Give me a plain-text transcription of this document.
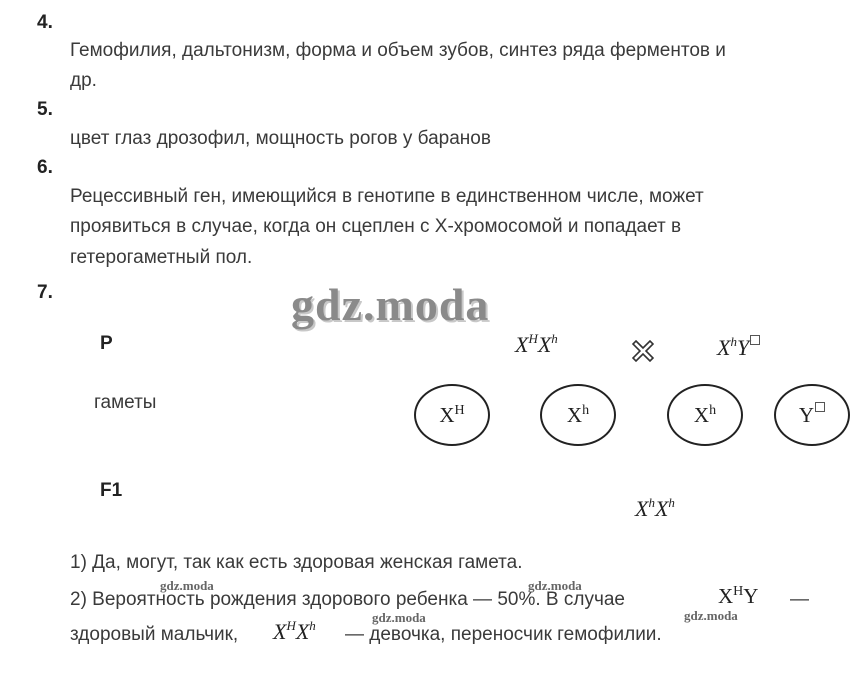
4.
Гемофилия, дальтонизм, форма и объем зубов, синтез ряда ферментов и
др.
5.
цвет глаз дрозофил, мощность рогов у баранов
6.
Рецессивный ген, имеющийся в генотипе в единственном числе, может
проявиться в случае, когда он сцеплен с Х-хромосомой и попадает в
гетерогаметный пол.
7.	gdz.moda
P
гаметы
F1
$X^HX^h$	$X^hY$
$X^H$	$X^h$	$X^h$	Y
$X^hX^h$
1) Да, могут, так как есть здоровая женская гамета.
gdz.moda	gdz.moda
2) Вероятность рождения здорового ребенка — 50%. В случае	$X^HY$ —
gdz.moda	gdz.moda
здоровый мальчик, $X^HX^h$ — девочка, переносчик гемофилии.
